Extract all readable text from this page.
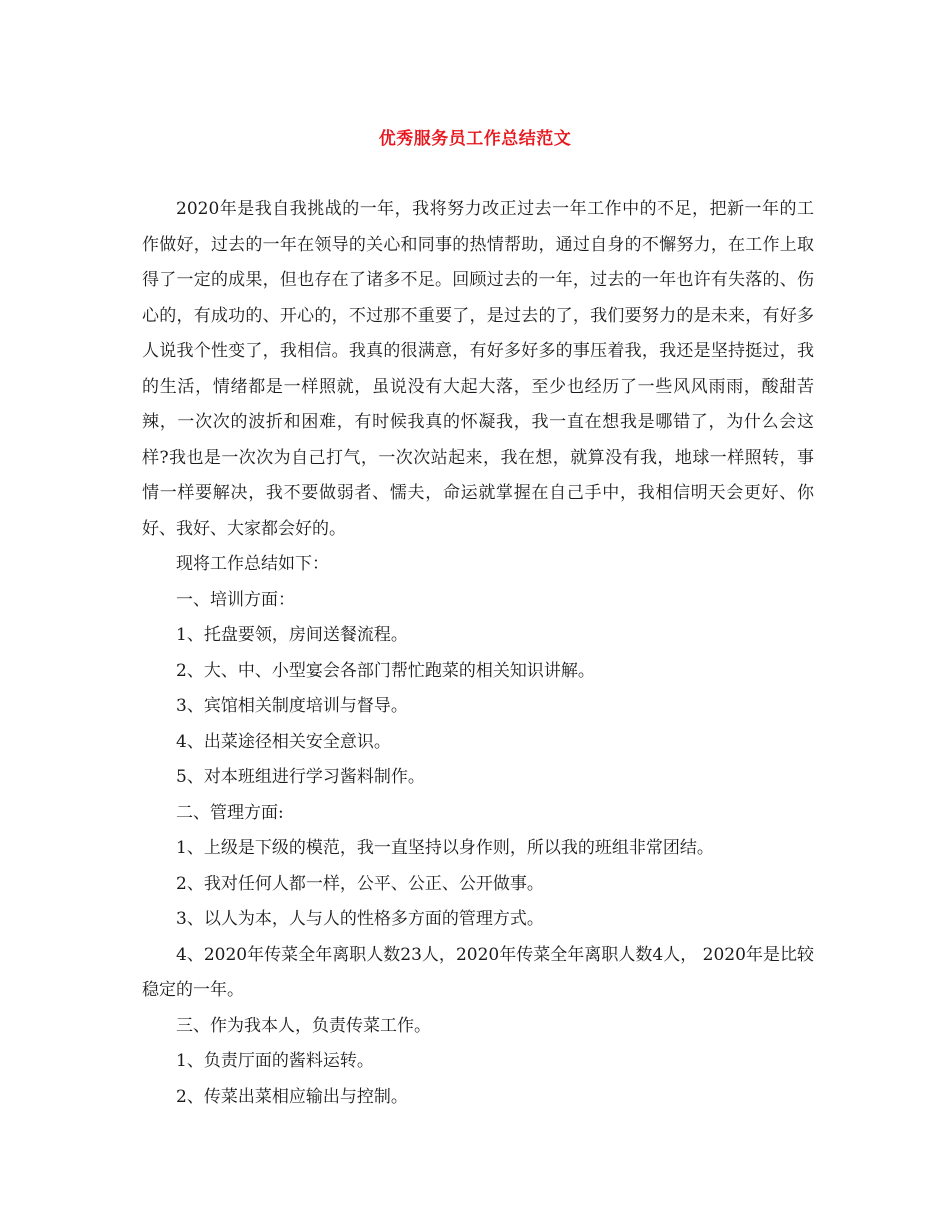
优秀服务员工作总结范文

2020年是我自我挑战的一年，我将努力改正过去一年工作中的不足，把新一年的工作做好，过去的一年在领导的关心和同事的热情帮助，通过自身的不懈努力，在工作上取得了一定的成果，但也存在了诸多不足。回顾过去的一年，过去的一年也许有失落的、伤心的，有成功的、开心的，不过那不重要了，是过去的了，我们要努力的是未来，有好多人说我个性变了，我相信。我真的很满意，有好多好多的事压着我，我还是坚持挺过，我的生活，情绪都是一样照就，虽说没有大起大落，至少也经历了一些风风雨雨，酸甜苦辣，一次次的波折和困难，有时候我真的怀凝我，我一直在想我是哪错了，为什么会这样?我也是一次次为自己打气，一次次站起来，我在想，就算没有我，地球一样照转，事情一样要解决，我不要做弱者、懦夫，命运就掌握在自己手中，我相信明天会更好、你好、我好、大家都会好的。

现将工作总结如下：

一、培训方面：

1、托盘要领，房间送餐流程。

2、大、中、小型宴会各部门帮忙跑菜的相关知识讲解。

3、宾馆相关制度培训与督导。

4、出菜途径相关安全意识。

5、对本班组进行学习酱料制作。

二、管理方面:

1、上级是下级的模范，我一直坚持以身作则，所以我的班组非常团结。

2、我对任何人都一样，公平、公正、公开做事。

3、以人为本，人与人的性格多方面的管理方式。

4、2020年传菜全年离职人数23人，2020年传菜全年离职人数4人， 2020年是比较稳定的一年。

三、作为我本人，负责传菜工作。

1、负责厅面的酱料运转。

2、传菜出菜相应输出与控制。
